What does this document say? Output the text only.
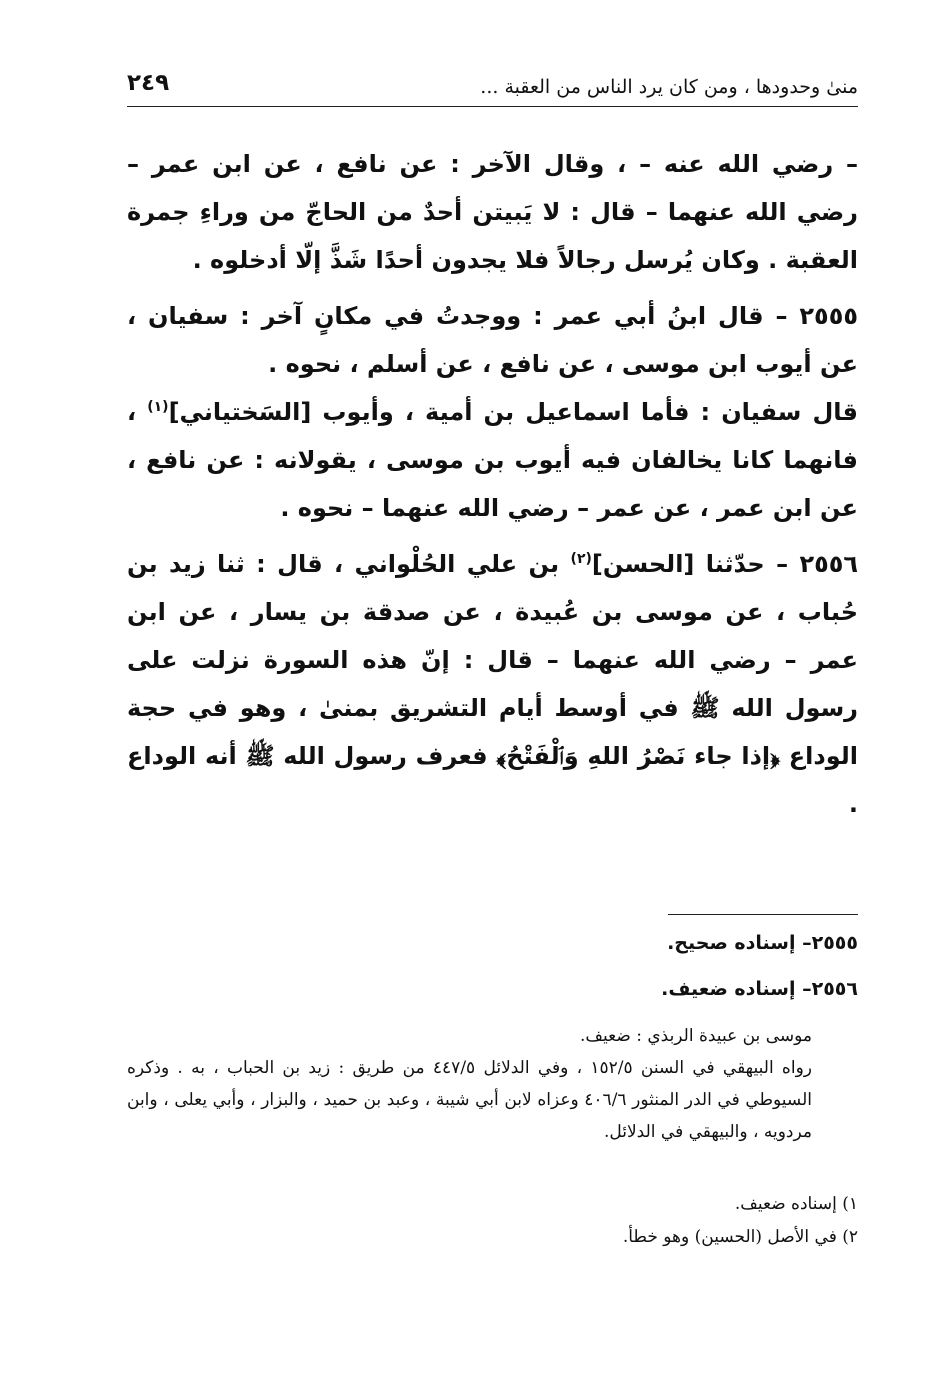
منىٰ وحدودها ، ومن كان يرد الناس من العقبة ...
٢٤٩

– رضي الله عنه – ، وقال الآخر : عن نافع ، عن ابن عمر – رضي الله عنهما – قال : لا يَبيتن أحدٌ من الحاجّ من وراءِ جمرة العقبة . وكان يُرسل رجالاً فلا يجدون أحدًا شَذَّ إلّا أدخلوه .

٢٥٥٥ – قال ابنُ أبي عمر : ووجدتُ في مكانٍ آخر : سفيان ، عن أيوب ابن موسى ، عن نافع ، عن أسلم ، نحوه .

قال سفيان : فأما اسماعيل بن أمية ، وأيوب [السَختياني]$^{(١)}$ ، فانهما كانا يخالفان فيه أيوب بن موسى ، يقولانه : عن نافع ، عن ابن عمر ، عن عمر – رضي الله عنهما – نحوه .

٢٥٥٦ – حدّثنا [الحسن]$^{(٢)}$ بن علي الحُلْواني ، قال : ثنا زيد بن حُباب ، عن موسى بن عُبيدة ، عن صدقة بن يسار ، عن ابن عمر – رضي الله عنهما – قال : إنّ هذه السورة نزلت على رسول الله ﷺ في أوسط أيام التشريق بمنىٰ ، وهو في حجة الوداع ﴿إذا جاء نَصْرُ اللهِ وَٱلْفَتْحُ﴾ فعرف رسول الله ﷺ أنه الوداع .

٢٥٥٥– إسناده صحيح.

٢٥٥٦– إسناده ضعيف.

موسى بن عبيدة الربذي : ضعيف.

رواه البيهقي في السنن ١٥٢/٥ ، وفي الدلائل ٤٤٧/٥ من طريق : زيد بن الحباب ، به . وذكره السيوطي في الدر المنثور ٤٠٦/٦ وعزاه لابن أبي شيبة ، وعبد بن حميد ، والبزار ، وأبي يعلى ، وابن مردويه ، والبيهقي في الدلائل.

١) إسناده ضعيف.

٢) في الأصل (الحسين) وهو خطأ.
